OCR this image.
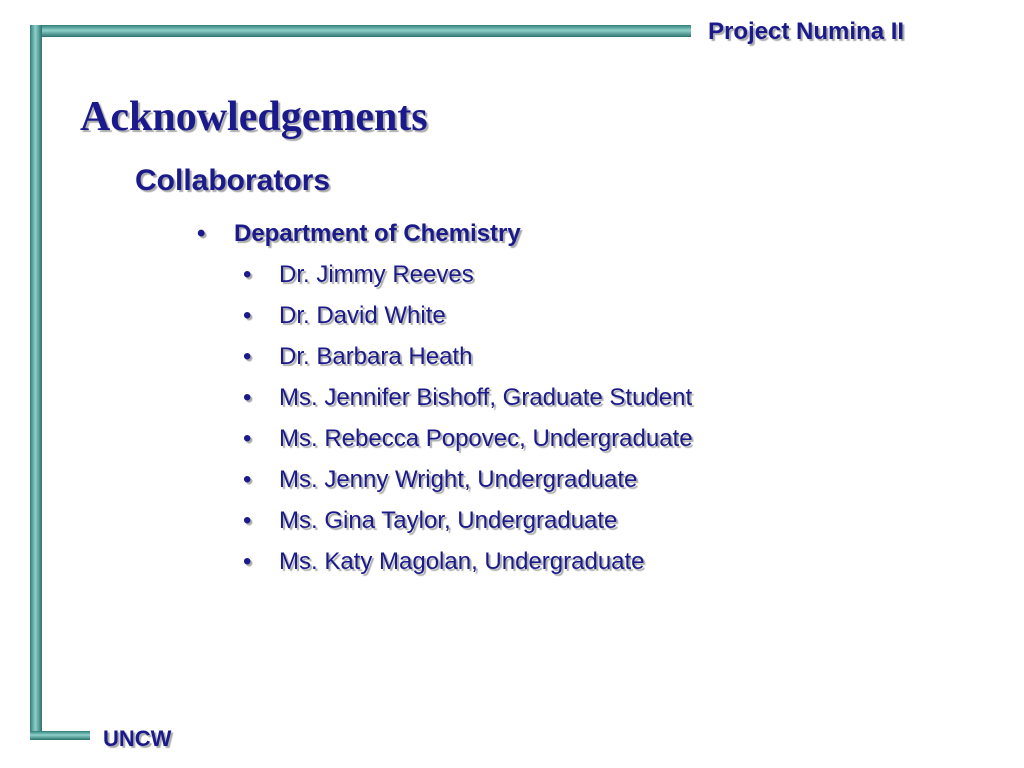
Project Numina II
Acknowledgements
Collaborators
• Department of Chemistry
• Dr. Jimmy Reeves
• Dr. David White
• Dr. Barbara Heath
• Ms. Jennifer Bishoff, Graduate Student
• Ms. Rebecca Popovec, Undergraduate
• Ms. Jenny Wright, Undergraduate
• Ms. Gina Taylor, Undergraduate
• Ms. Katy Magolan, Undergraduate
UNCW
